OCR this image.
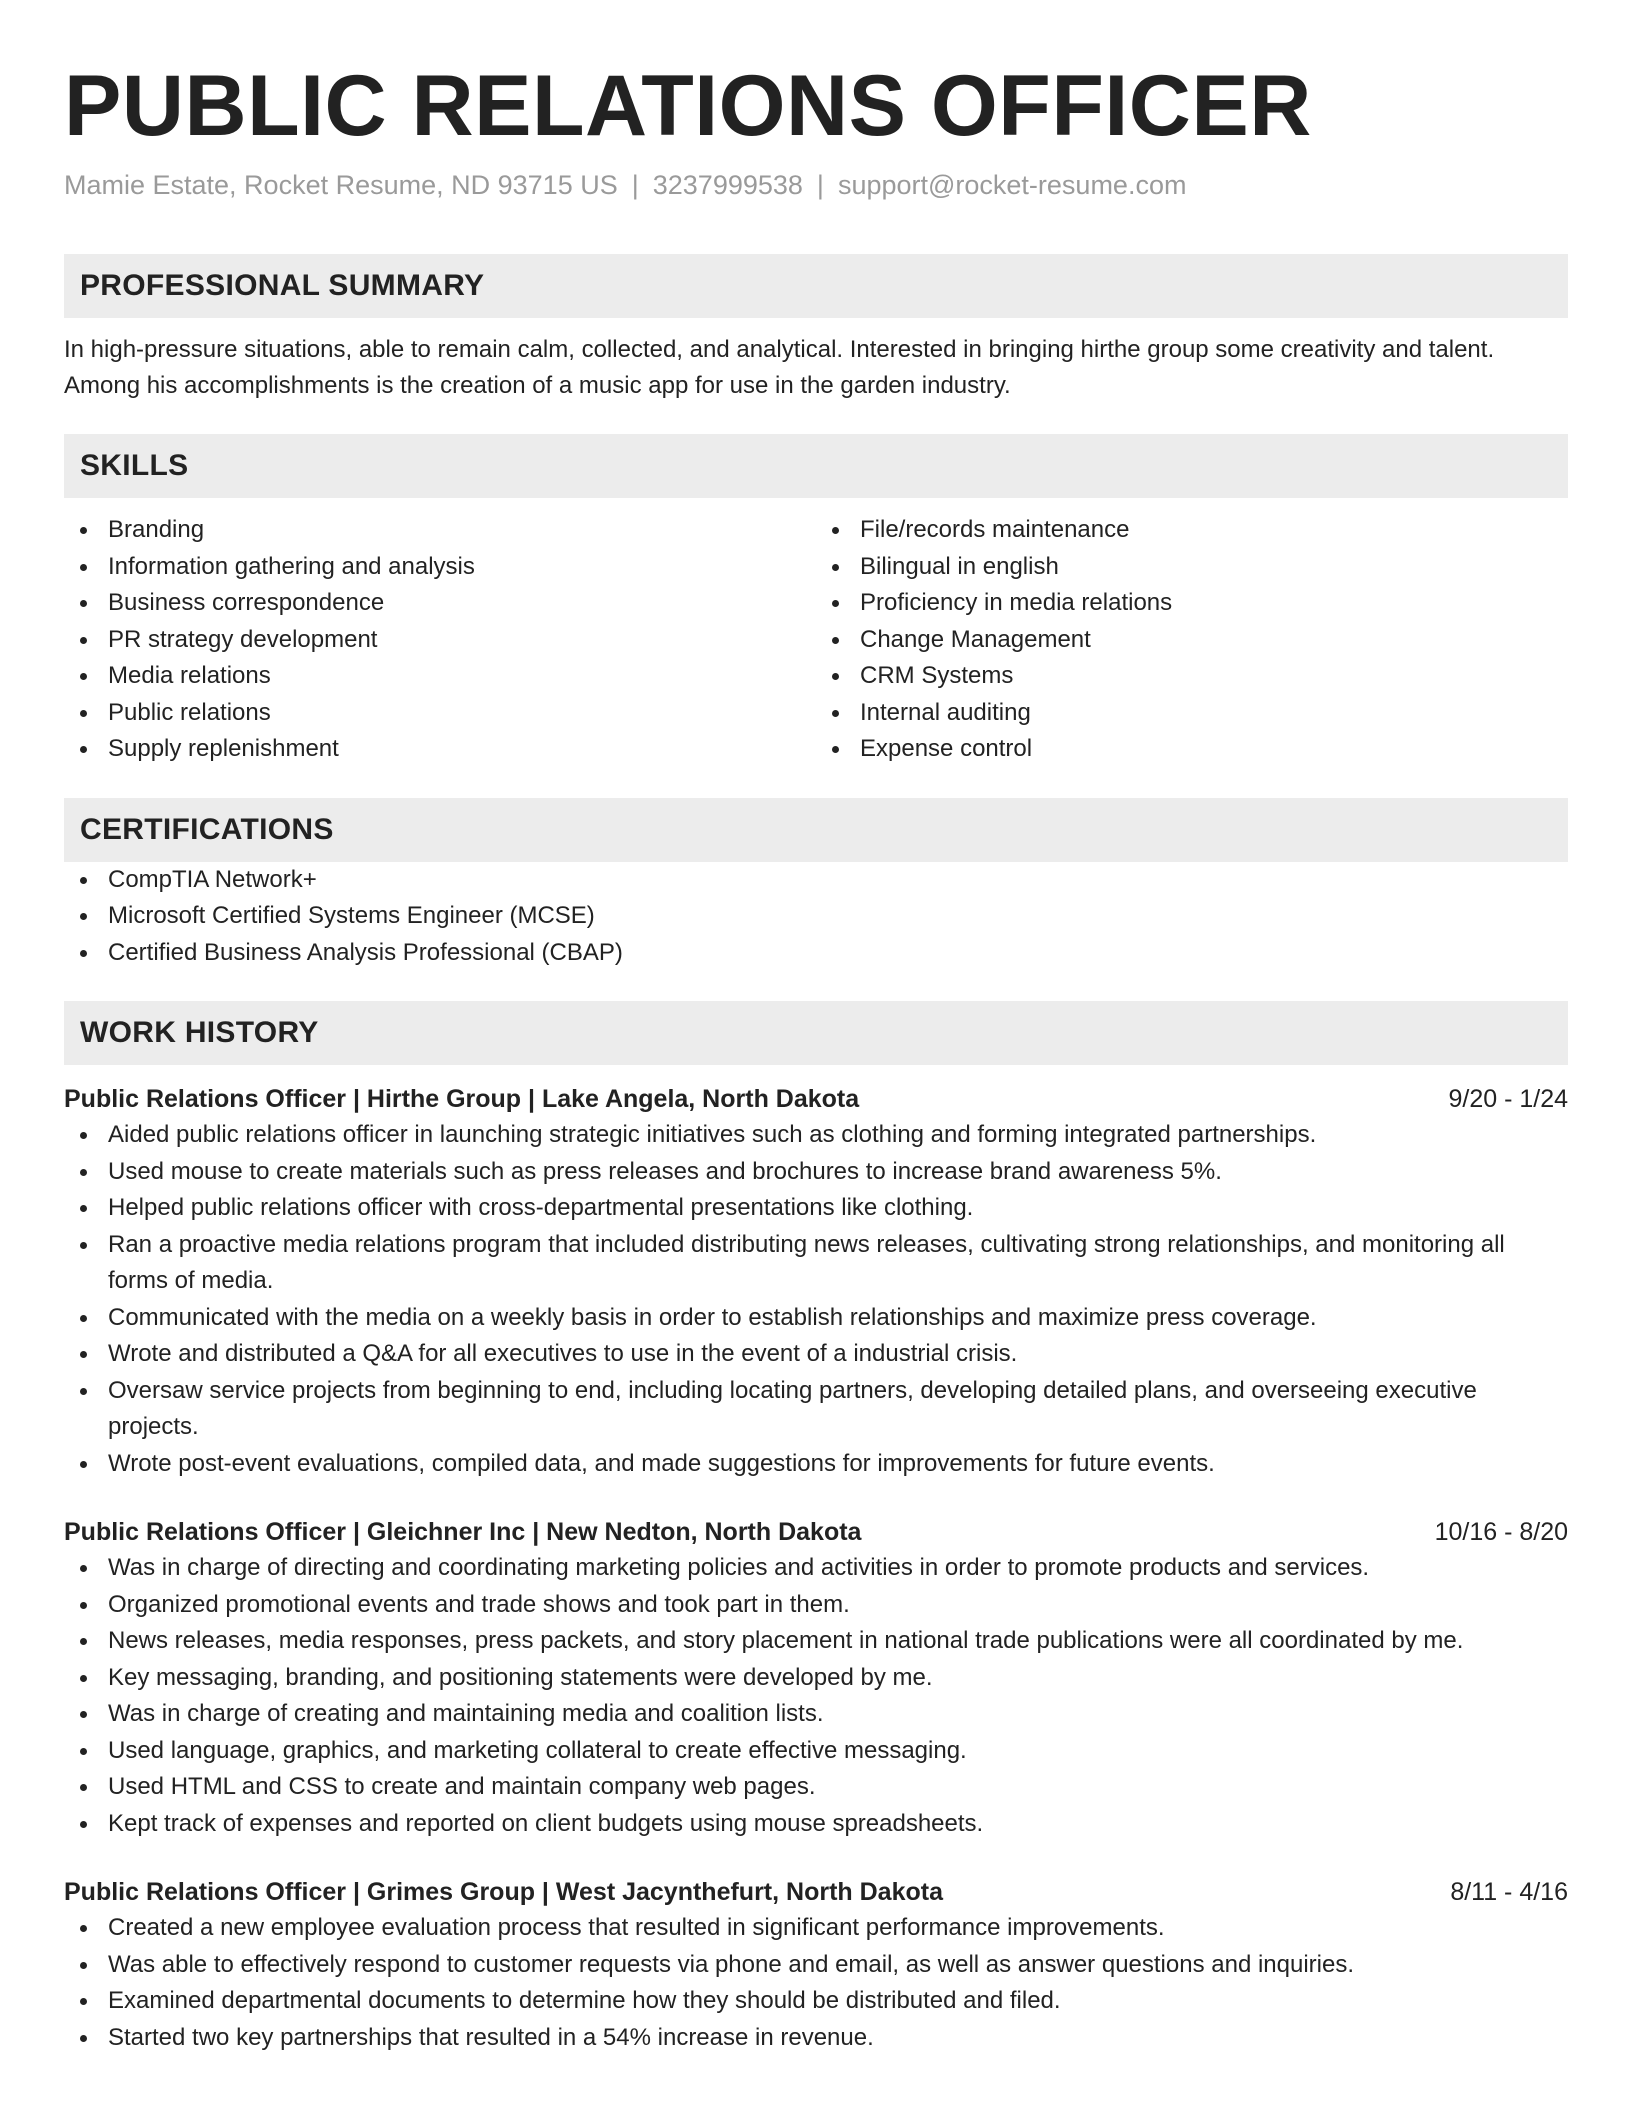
PUBLIC RELATIONS OFFICER
Mamie Estate, Rocket Resume, ND 93715 US | 3237999538 | support@rocket-resume.com
PROFESSIONAL SUMMARY
In high-pressure situations, able to remain calm, collected, and analytical. Interested in bringing hirthe group some creativity and talent. Among his accomplishments is the creation of a music app for use in the garden industry.
SKILLS
Branding
Information gathering and analysis
Business correspondence
PR strategy development
Media relations
Public relations
Supply replenishment
File/records maintenance
Bilingual in english
Proficiency in media relations
Change Management
CRM Systems
Internal auditing
Expense control
CERTIFICATIONS
CompTIA Network+
Microsoft Certified Systems Engineer (MCSE)
Certified Business Analysis Professional (CBAP)
WORK HISTORY
Public Relations Officer | Hirthe Group | Lake Angela, North Dakota	9/20 - 1/24
Aided public relations officer in launching strategic initiatives such as clothing and forming integrated partnerships.
Used mouse to create materials such as press releases and brochures to increase brand awareness 5%.
Helped public relations officer with cross-departmental presentations like clothing.
Ran a proactive media relations program that included distributing news releases, cultivating strong relationships, and monitoring all forms of media.
Communicated with the media on a weekly basis in order to establish relationships and maximize press coverage.
Wrote and distributed a Q&A for all executives to use in the event of a industrial crisis.
Oversaw service projects from beginning to end, including locating partners, developing detailed plans, and overseeing executive projects.
Wrote post-event evaluations, compiled data, and made suggestions for improvements for future events.
Public Relations Officer | Gleichner Inc | New Nedton, North Dakota	10/16 - 8/20
Was in charge of directing and coordinating marketing policies and activities in order to promote products and services.
Organized promotional events and trade shows and took part in them.
News releases, media responses, press packets, and story placement in national trade publications were all coordinated by me.
Key messaging, branding, and positioning statements were developed by me.
Was in charge of creating and maintaining media and coalition lists.
Used language, graphics, and marketing collateral to create effective messaging.
Used HTML and CSS to create and maintain company web pages.
Kept track of expenses and reported on client budgets using mouse spreadsheets.
Public Relations Officer | Grimes Group | West Jacynthefurt, North Dakota	8/11 - 4/16
Created a new employee evaluation process that resulted in significant performance improvements.
Was able to effectively respond to customer requests via phone and email, as well as answer questions and inquiries.
Examined departmental documents to determine how they should be distributed and filed.
Started two key partnerships that resulted in a 54% increase in revenue.
